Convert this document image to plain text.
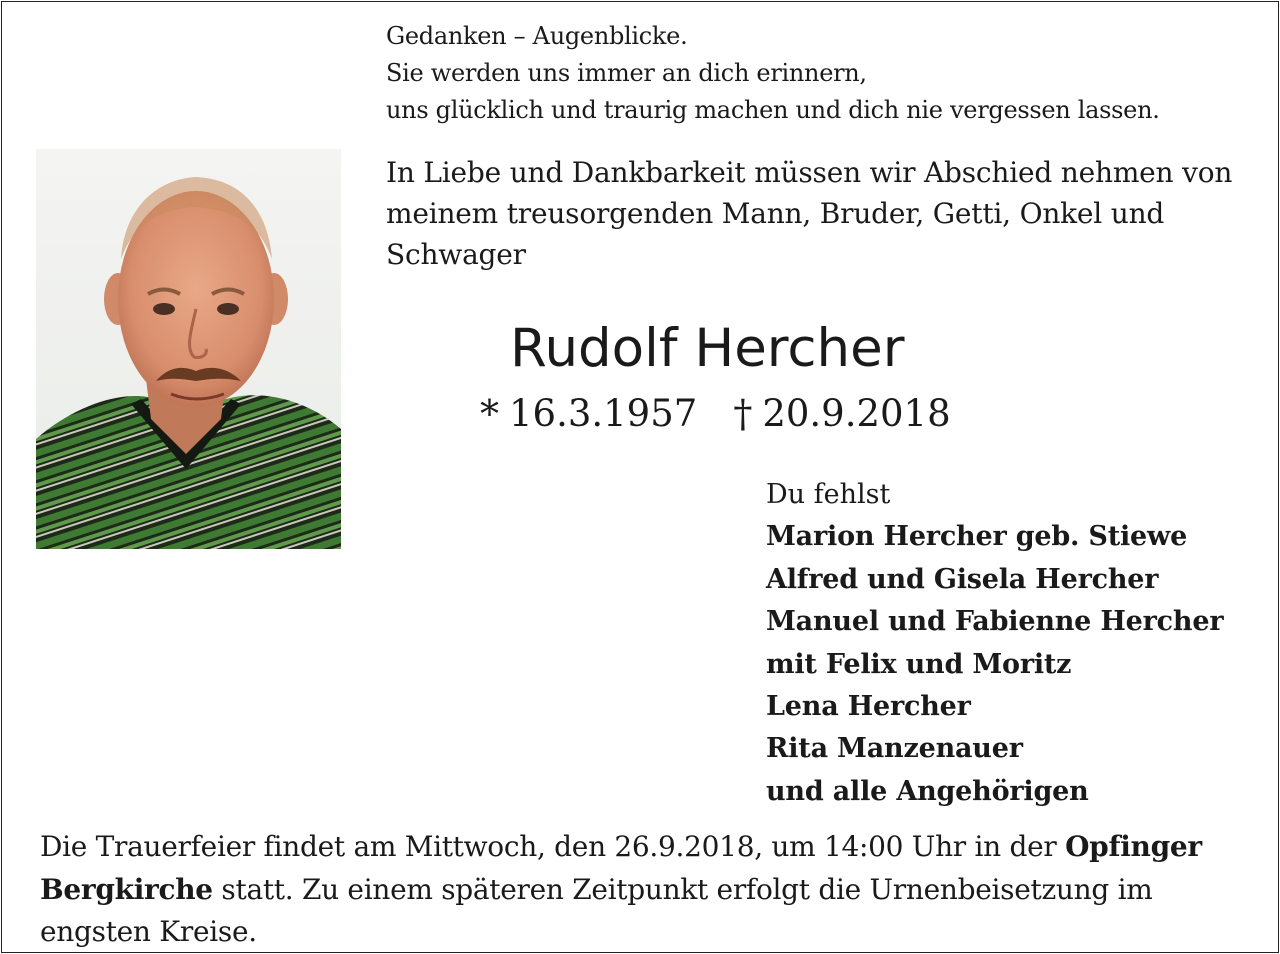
Gedanken – Augenblicke.
Sie werden uns immer an dich erinnern,
uns glücklich und traurig machen und dich nie vergessen lassen.
In Liebe und Dankbarkeit müssen wir Abschied nehmen von
meinem treusorgenden Mann, Bruder, Getti, Onkel und
Schwager
Rudolf Hercher
* 16.3.1957 † 20.9.2018
Du fehlst
Marion Hercher geb. Stiewe
Alfred und Gisela Hercher
Manuel und Fabienne Hercher
mit Felix und Moritz
Lena Hercher
Rita Manzenauer
und alle Angehörigen
Die Trauerfeier findet am Mittwoch, den 26.9.2018, um 14:00 Uhr in der Opfinger
Bergkirche statt. Zu einem späteren Zeitpunkt erfolgt die Urnenbeisetzung im engsten Kreise.
